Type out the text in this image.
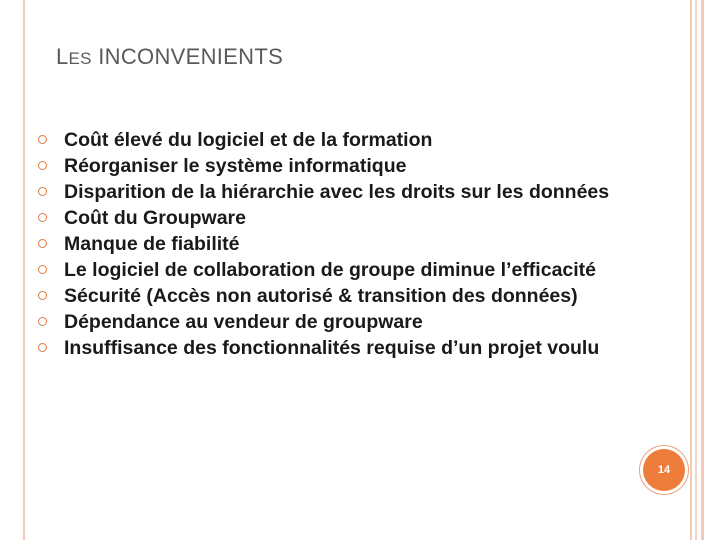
LES INCONVENIENTS
Coût élevé du logiciel et de la formation
Réorganiser le système informatique
Disparition de la hiérarchie avec les droits sur les données
Coût du Groupware
Manque de fiabilité
Le logiciel de collaboration de groupe diminue l’efficacité
Sécurité (Accès non autorisé & transition des données)
Dépendance au vendeur de groupware
Insuffisance des fonctionnalités requise d’un projet voulu
14
